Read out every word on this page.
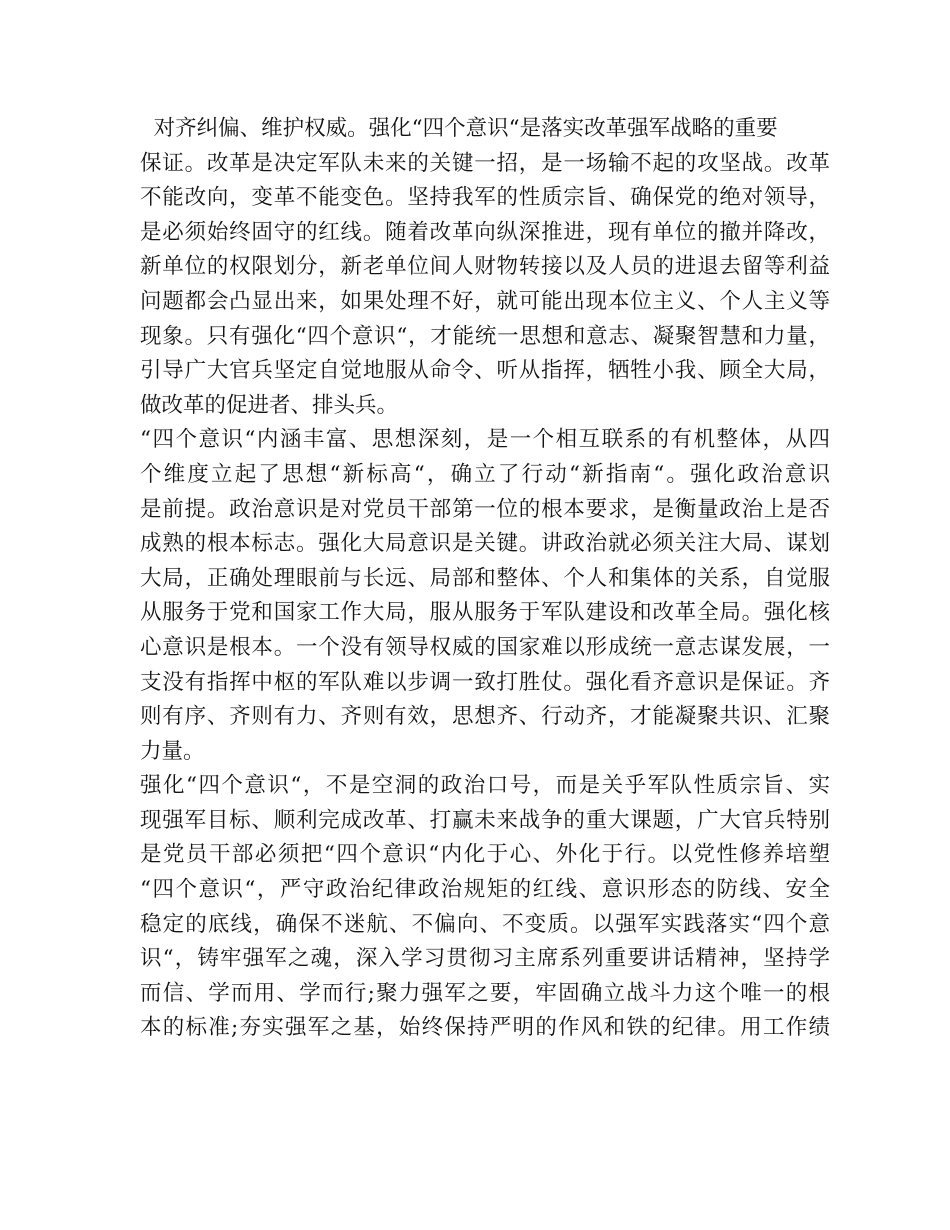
对齐纠偏、维护权威。强化“四个意识“是落实改革强军战略的重要
保证。改革是决定军队未来的关键一招，是一场输不起的攻坚战。改革
不能改向，变革不能变色。坚持我军的性质宗旨、确保党的绝对领导，
是必须始终固守的红线。随着改革向纵深推进，现有单位的撤并降改，
新单位的权限划分，新老单位间人财物转接以及人员的进退去留等利益
问题都会凸显出来，如果处理不好，就可能出现本位主义、个人主义等
现象。只有强化“四个意识“，才能统一思想和意志、凝聚智慧和力量，
引导广大官兵坚定自觉地服从命令、听从指挥，牺牲小我、顾全大局，
做改革的促进者、排头兵。
“四个意识“内涵丰富、思想深刻，是一个相互联系的有机整体，从四
个维度立起了思想“新标高“，确立了行动“新指南“。强化政治意识
是前提。政治意识是对党员干部第一位的根本要求，是衡量政治上是否
成熟的根本标志。强化大局意识是关键。讲政治就必须关注大局、谋划
大局，正确处理眼前与长远、局部和整体、个人和集体的关系，自觉服
从服务于党和国家工作大局，服从服务于军队建设和改革全局。强化核
心意识是根本。一个没有领导权威的国家难以形成统一意志谋发展，一
支没有指挥中枢的军队难以步调一致打胜仗。强化看齐意识是保证。齐
则有序、齐则有力、齐则有效，思想齐、行动齐，才能凝聚共识、汇聚
力量。
强化“四个意识“，不是空洞的政治口号，而是关乎军队性质宗旨、实
现强军目标、顺利完成改革、打赢未来战争的重大课题，广大官兵特别
是党员干部必须把“四个意识“内化于心、外化于行。以党性修养培塑
“四个意识“，严守政治纪律政治规矩的红线、意识形态的防线、安全
稳定的底线，确保不迷航、不偏向、不变质。以强军实践落实“四个意
识“，铸牢强军之魂，深入学习贯彻习主席系列重要讲话精神，坚持学
而信、学而用、学而行;聚力强军之要，牢固确立战斗力这个唯一的根
本的标准;夯实强军之基，始终保持严明的作风和铁的纪律。用工作绩
